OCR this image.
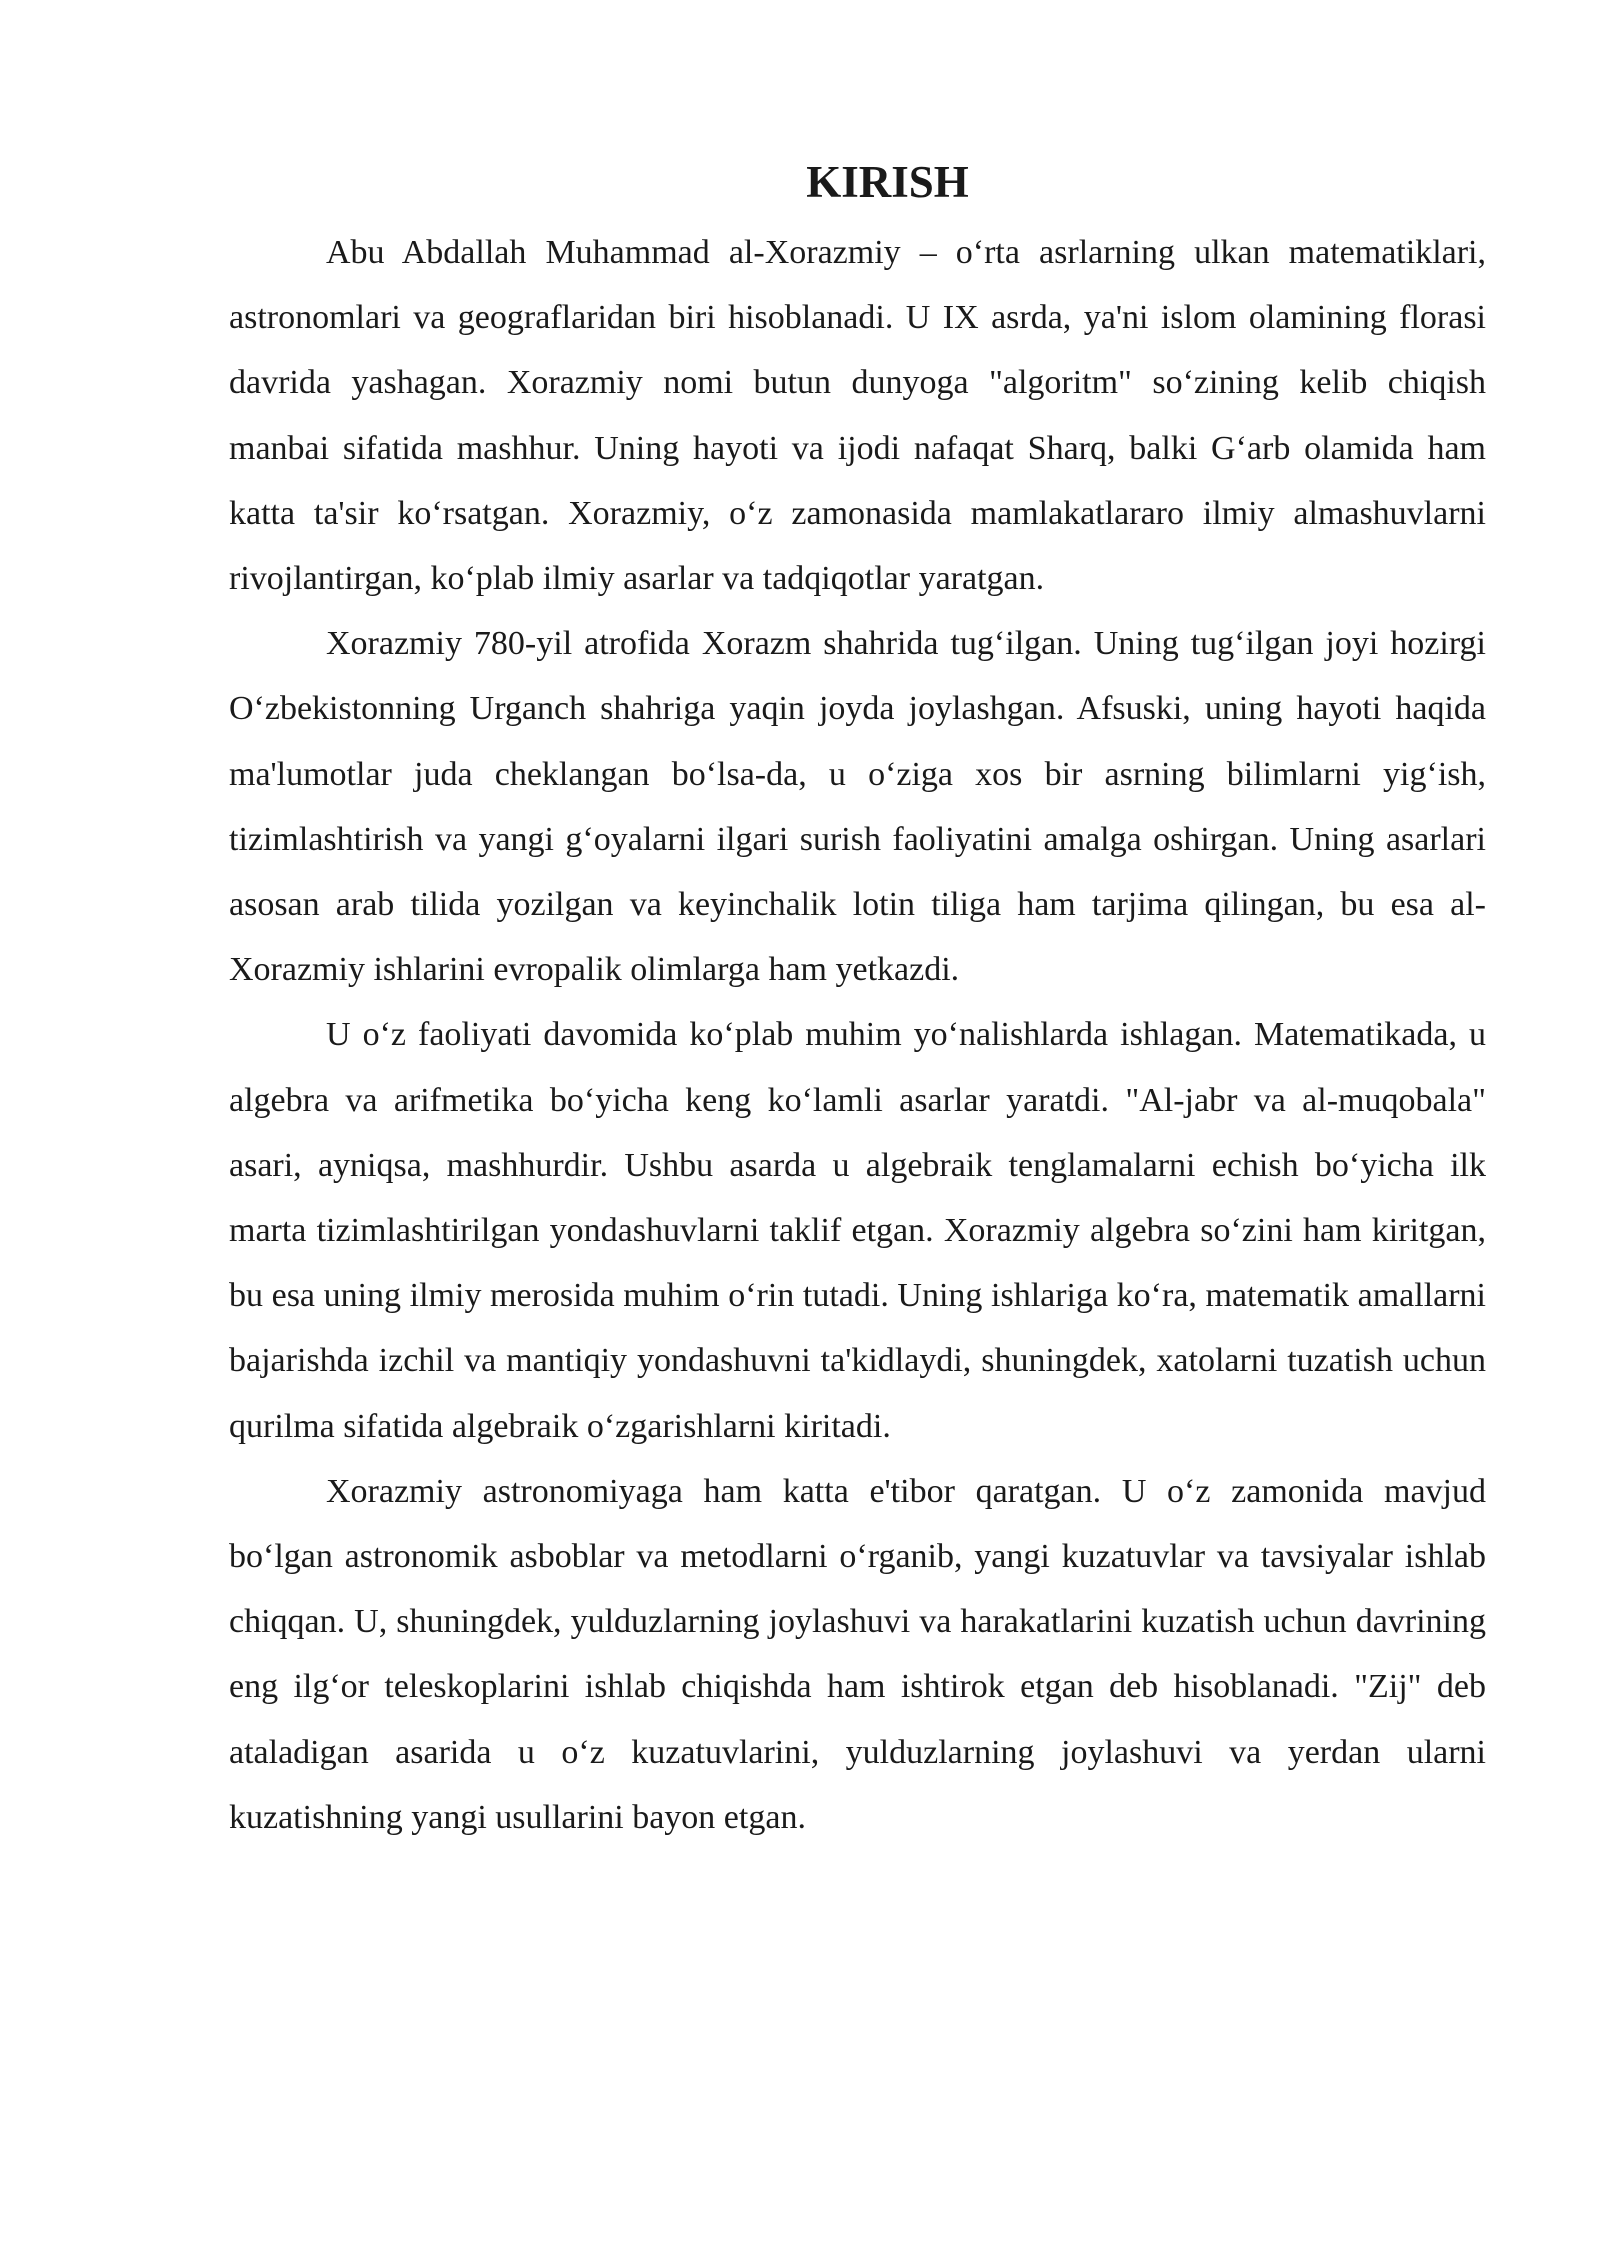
KIRISH

Abu Abdallah Muhammad al-Xorazmiy – o‘rta asrlarning ulkan matematiklari, astronomlari va geograflaridan biri hisoblanadi. U IX asrda, ya'ni islom olamining florasi davrida yashagan. Xorazmiy nomi butun dunyoga "algoritm" so‘zining kelib chiqish manbai sifatida mashhur. Uning hayoti va ijodi nafaqat Sharq, balki G‘arb olamida ham katta ta'sir ko‘rsatgan. Xorazmiy, o‘z zamonasida mamlakatlararo ilmiy almashuvlarni rivojlantirgan, ko‘plab ilmiy asarlar va tadqiqotlar yaratgan.

Xorazmiy 780-yil atrofida Xorazm shahrida tug‘ilgan. Uning tug‘ilgan joyi hozirgi O‘zbekistonning Urganch shahriga yaqin joyda joylashgan. Afsuski, uning hayoti haqida ma'lumotlar juda cheklangan bo‘lsa-da, u o‘ziga xos bir asrning bilimlarni yig‘ish, tizimlashtirish va yangi g‘oyalarni ilgari surish faoliyatini amalga oshirgan. Uning asarlari asosan arab tilida yozilgan va keyinchalik lotin tiliga ham tarjima qilingan, bu esa al-Xorazmiy ishlarini evropalik olimlarga ham yetkazdi.

U o‘z faoliyati davomida ko‘plab muhim yo‘nalishlarda ishlagan. Matematikada, u algebra va arifmetika bo‘yicha keng ko‘lamli asarlar yaratdi. "Al-jabr va al-muqobala" asari, ayniqsa, mashhurdir. Ushbu asarda u algebraik tenglamalarni echish bo‘yicha ilk marta tizimlashtirilgan yondashuvlarni taklif etgan. Xorazmiy algebra so‘zini ham kiritgan, bu esa uning ilmiy merosida muhim o‘rin tutadi. Uning ishlariga ko‘ra, matematik amallarni bajarishda izchil va mantiqiy yondashuvni ta'kidlaydi, shuningdek, xatolarni tuzatish uchun qurilma sifatida algebraik o‘zgarishlarni kiritadi.

Xorazmiy astronomiyaga ham katta e'tibor qaratgan. U o‘z zamonida mavjud bo‘lgan astronomik asboblar va metodlarni o‘rganib, yangi kuzatuvlar va tavsiyalar ishlab chiqqan. U, shuningdek, yulduzlarning joylashuvi va harakatlarini kuzatish uchun davrining eng ilg‘or teleskoplarini ishlab chiqishda ham ishtirok etgan deb hisoblanadi. "Zij" deb ataladigan asarida u o‘z kuzatuvlarini, yulduzlarning joylashuvi va yerdan ularni kuzatishning yangi usullarini bayon etgan.
